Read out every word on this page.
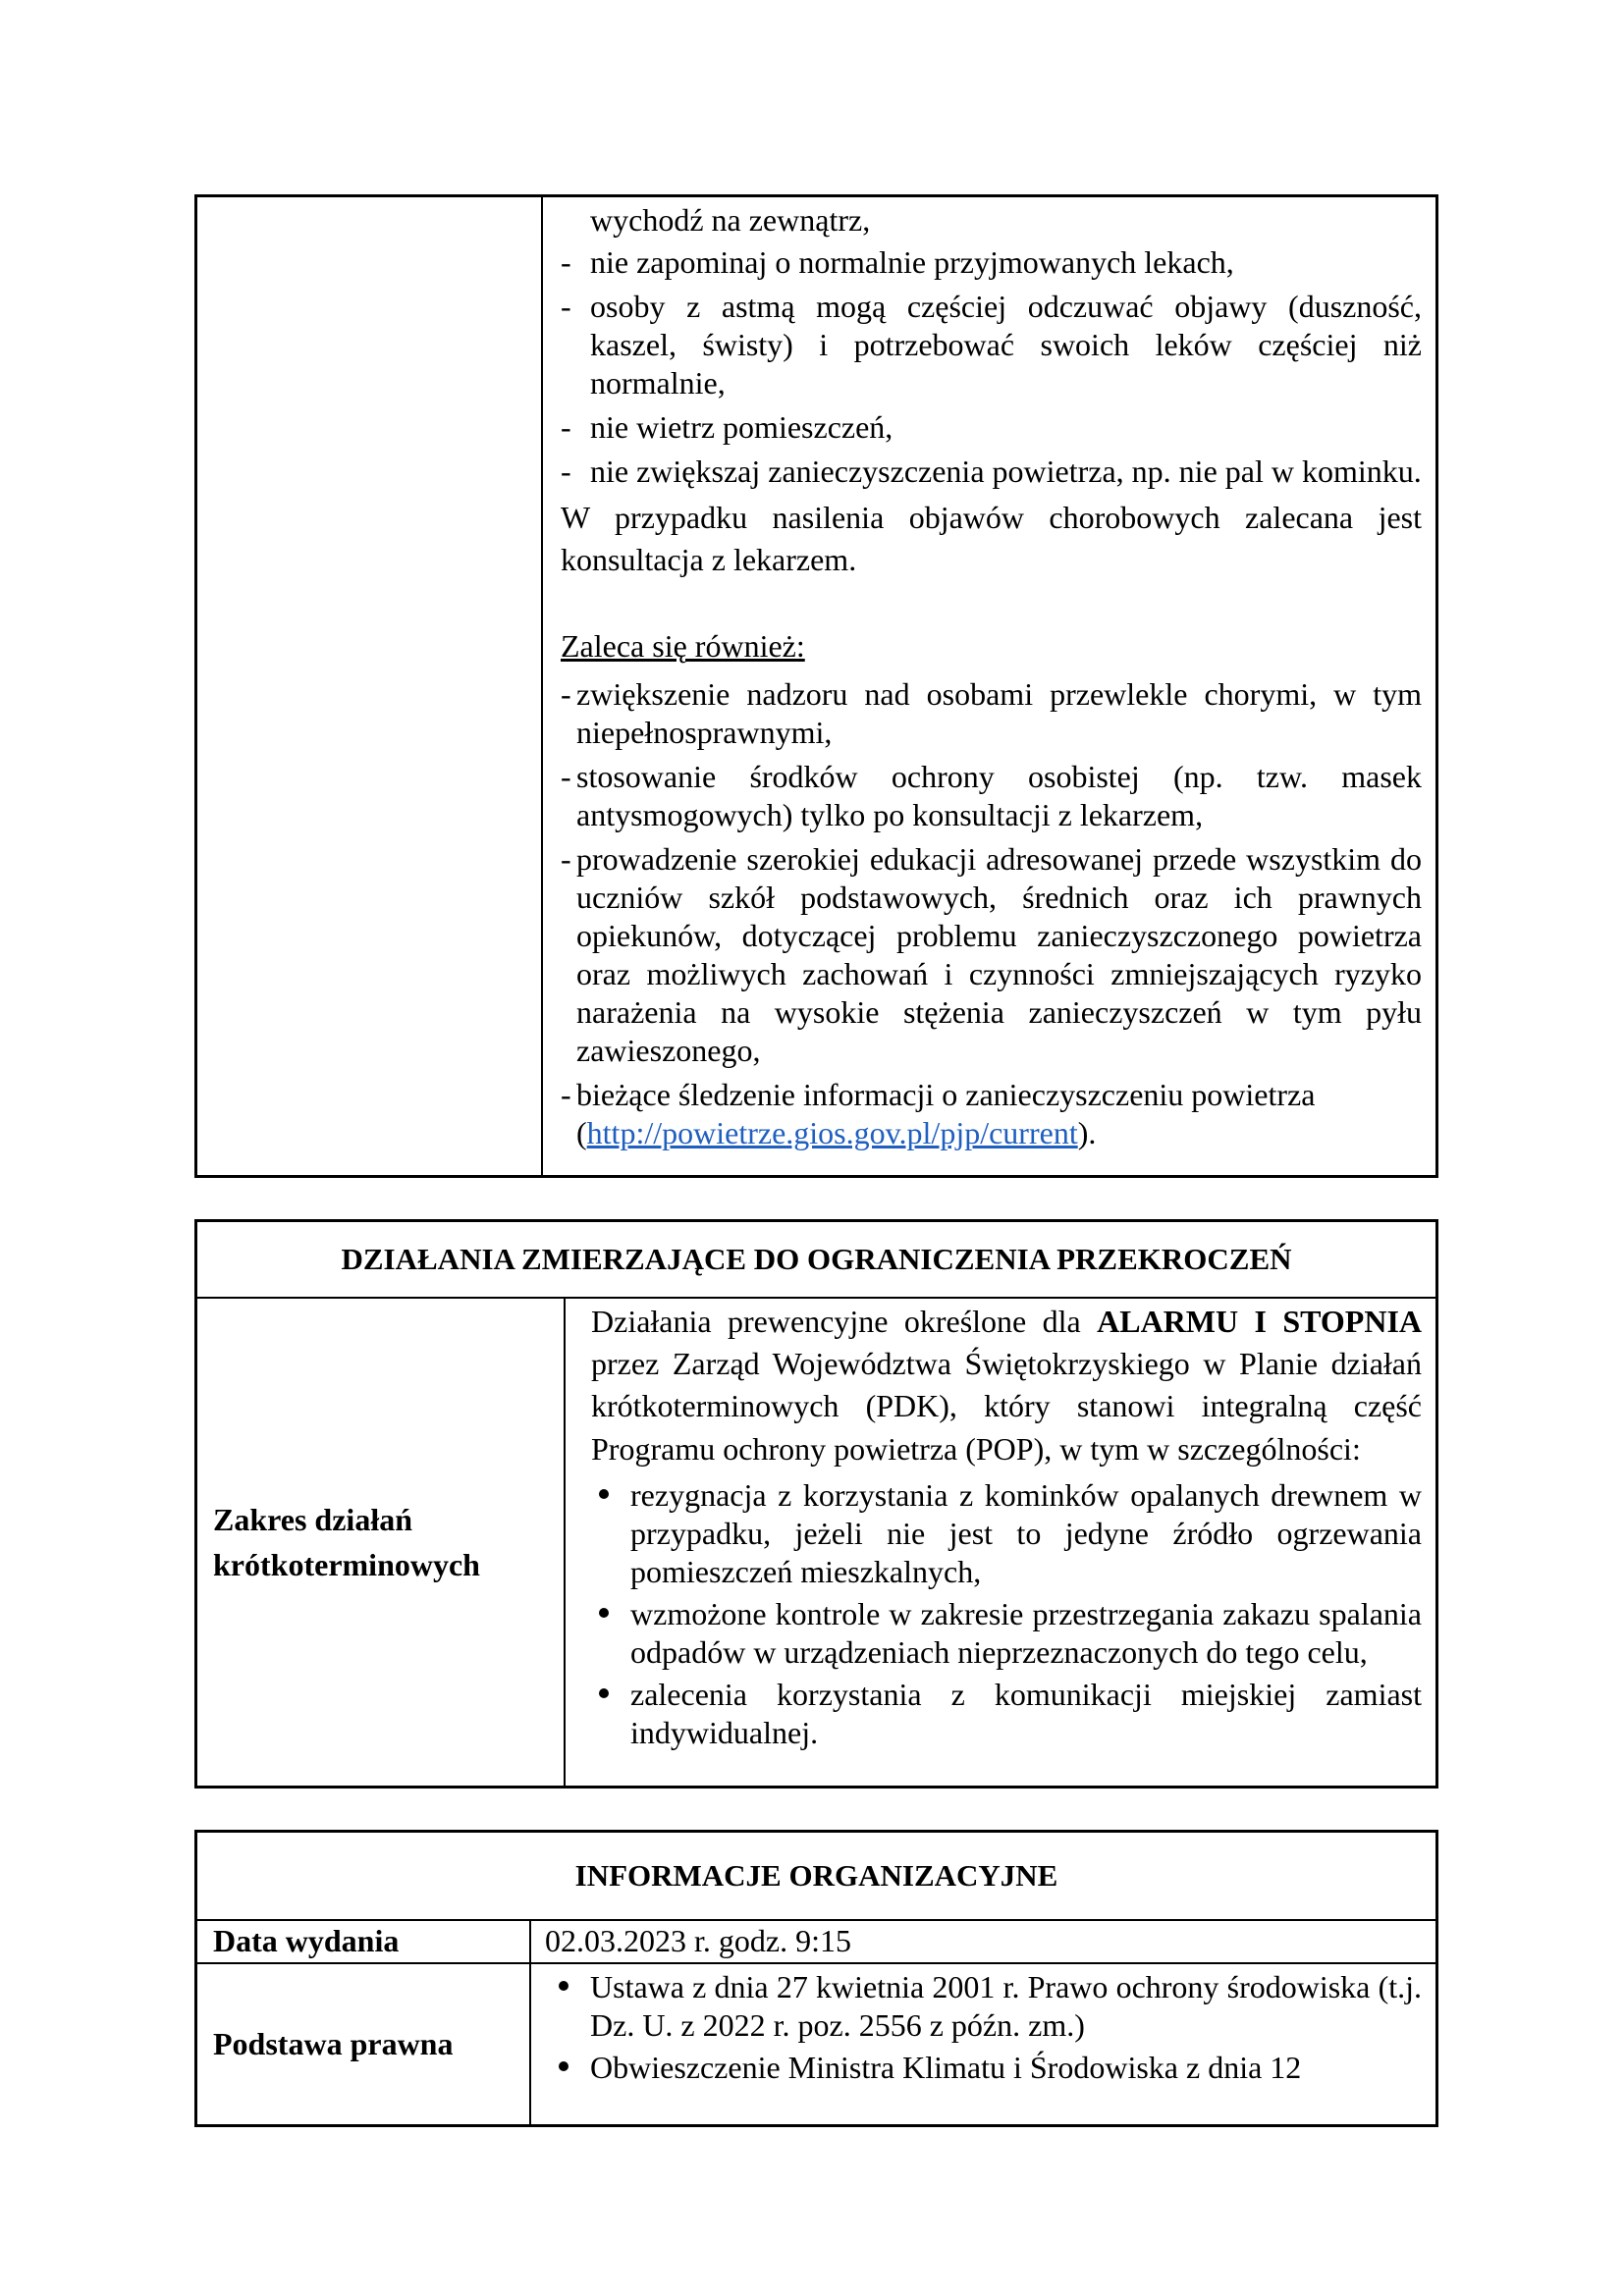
wychodź na zewnątrz,
- nie zapominaj o normalnie przyjmowanych lekach,
- osoby z astmą mogą częściej odczuwać objawy (duszność, kaszel, świsty) i potrzebować swoich leków częściej niż normalnie,
- nie wietrz pomieszczeń,
- nie zwiększaj zanieczyszczenia powietrza, np. nie pal w kominku.

W przypadku nasilenia objawów chorobowych zalecana jest konsultacja z lekarzem.

Zaleca się również:

- zwiększenie nadzoru nad osobami przewlekle chorymi, w tym niepełnosprawnymi,
- stosowanie środków ochrony osobistej (np. tzw. masek antysmogowych) tylko po konsultacji z lekarzem,
- prowadzenie szerokiej edukacji adresowanej przede wszystkim do uczniów szkół podstawowych, średnich oraz ich prawnych opiekunów, dotyczącej problemu zanieczyszczonego powietrza oraz możliwych zachowań i czynności zmniejszających ryzyko narażenia na wysokie stężenia zanieczyszczeń w tym pyłu zawieszonego,
- bieżące śledzenie informacji o zanieczyszczeniu powietrza
(http://powietrze.gios.gov.pl/pjp/current).
DZIAŁANIA ZMIERZAJĄCE DO OGRANICZENIA PRZEKROCZEŃ
Zakres działań krótkoterminowych

Działania prewencyjne określone dla ALARMU I STOPNIA przez Zarząd Województwa Świętokrzyskiego w Planie działań krótkoterminowych (PDK), który stanowi integralną część Programu ochrony powietrza (POP), w tym w szczególności:

rezygnacja z korzystania z kominków opalanych drewnem w przypadku, jeżeli nie jest to jedyne źródło ogrzewania pomieszczeń mieszkalnych,
wzmożone kontrole w zakresie przestrzegania zakazu spalania odpadów w urządzeniach nieprzeznaczonych do tego celu,
zalecenia korzystania z komunikacji miejskiej zamiast indywidualnej.
INFORMACJE ORGANIZACYJNE
Data wydania	02.03.2023 r. godz. 9:15
Podstawa prawna
Ustawa z dnia 27 kwietnia 2001 r. Prawo ochrony środowiska (t.j. Dz. U. z 2022 r. poz. 2556 z późn. zm.)
Obwieszczenie Ministra Klimatu i Środowiska z dnia 12
